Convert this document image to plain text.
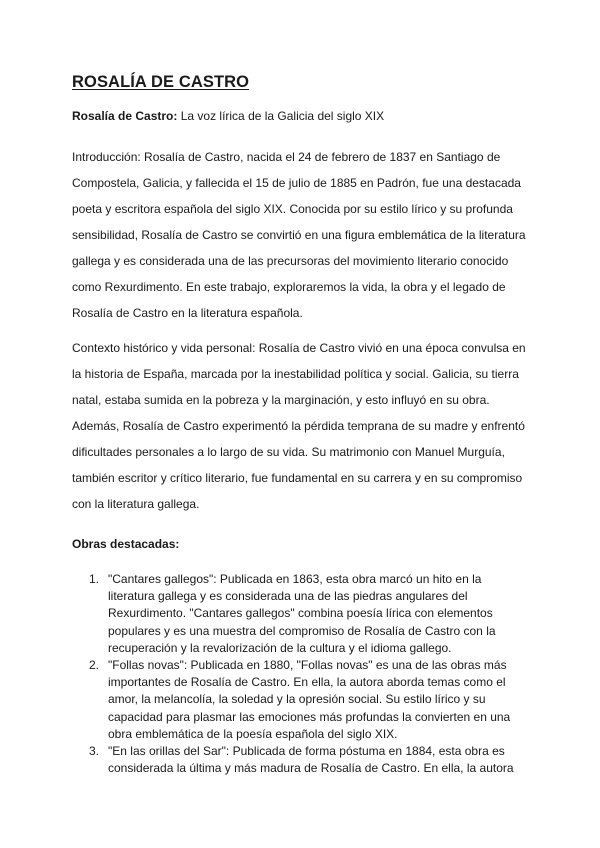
ROSALÍA DE CASTRO

Rosalía de Castro: La voz lírica de la Galicia del siglo XIX

Introducción: Rosalía de Castro, nacida el 24 de febrero de 1837 en Santiago de Compostela, Galicia, y fallecida el 15 de julio de 1885 en Padrón, fue una destacada poeta y escritora española del siglo XIX. Conocida por su estilo lírico y su profunda sensibilidad, Rosalía de Castro se convirtió en una figura emblemática de la literatura gallega y es considerada una de las precursoras del movimiento literario conocido como Rexurdimento. En este trabajo, exploraremos la vida, la obra y el legado de Rosalía de Castro en la literatura española.

Contexto histórico y vida personal: Rosalía de Castro vivió en una época convulsa en la historia de España, marcada por la inestabilidad política y social. Galicia, su tierra natal, estaba sumida en la pobreza y la marginación, y esto influyó en su obra. Además, Rosalía de Castro experimentó la pérdida temprana de su madre y enfrentó dificultades personales a lo largo de su vida. Su matrimonio con Manuel Murguía, también escritor y crítico literario, fue fundamental en su carrera y en su compromiso con la literatura gallega.

Obras destacadas:

1. "Cantares gallegos": Publicada en 1863, esta obra marcó un hito en la literatura gallega y es considerada una de las piedras angulares del Rexurdimento. "Cantares gallegos" combina poesía lírica con elementos populares y es una muestra del compromiso de Rosalía de Castro con la recuperación y la revalorización de la cultura y el idioma gallego.
2. "Follas novas": Publicada en 1880, "Follas novas" es una de las obras más importantes de Rosalía de Castro. En ella, la autora aborda temas como el amor, la melancolía, la soledad y la opresión social. Su estilo lírico y su capacidad para plasmar las emociones más profundas la convierten en una obra emblemática de la poesía española del siglo XIX.
3. "En las orillas del Sar": Publicada de forma póstuma en 1884, esta obra es considerada la última y más madura de Rosalía de Castro. En ella, la autora
